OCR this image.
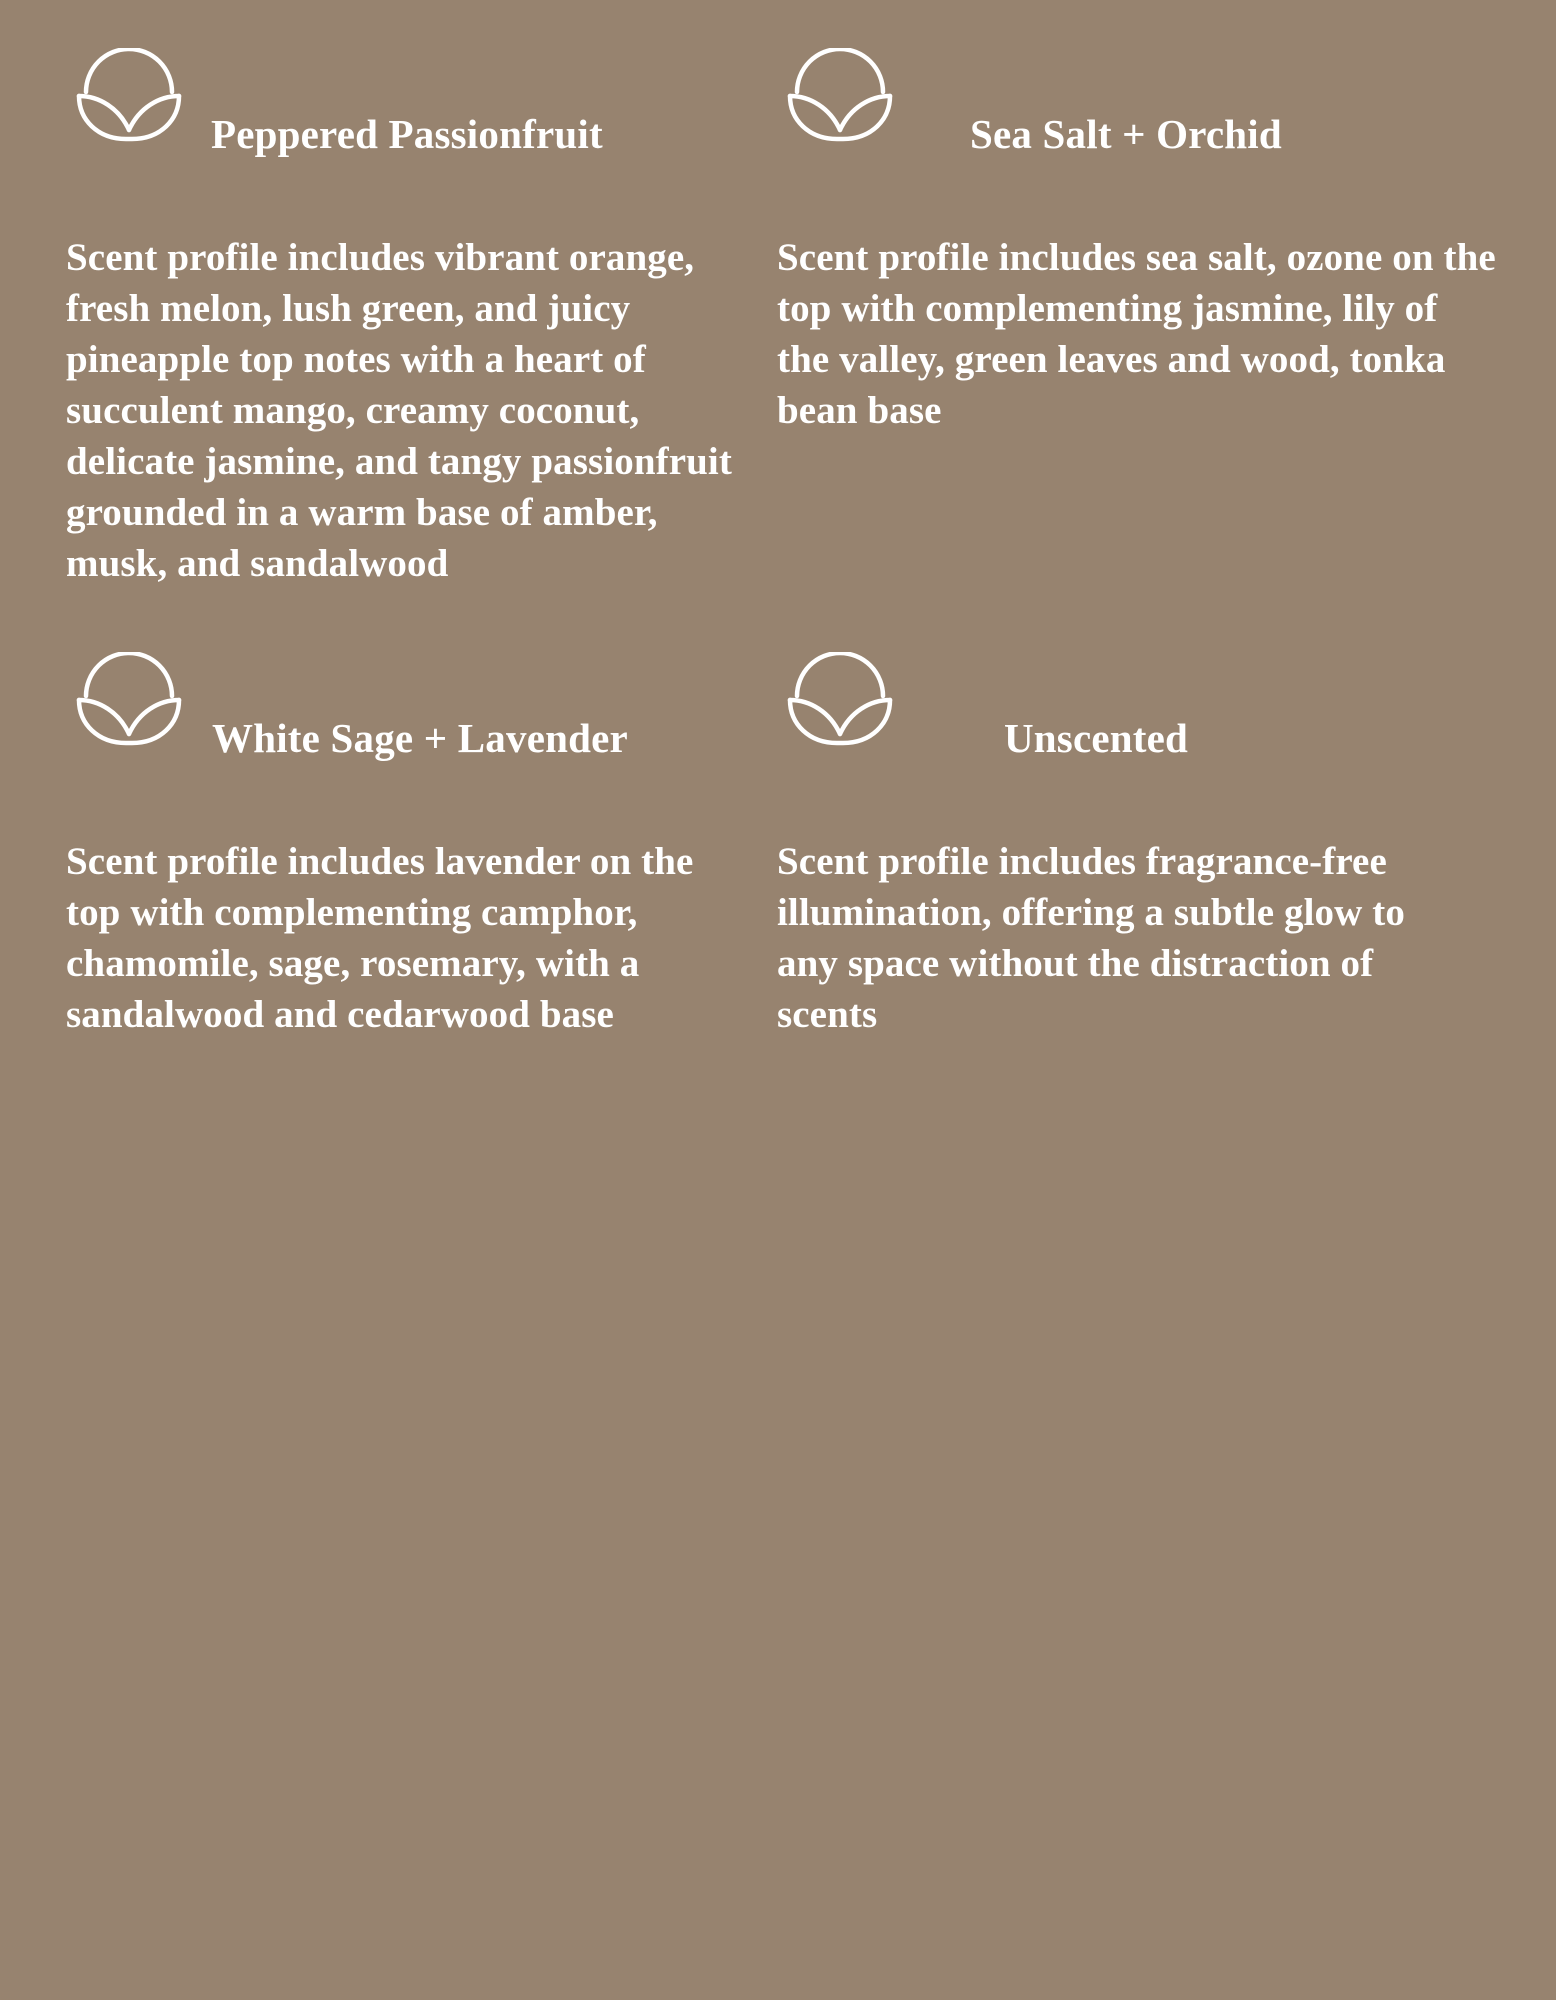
Peppered Passionfruit

Scent profile includes vibrant orange, fresh melon, lush green, and juicy pineapple top notes with a heart of succulent mango, creamy coconut, delicate jasmine, and tangy passionfruit grounded in a warm base of amber, musk, and sandalwood

Sea Salt + Orchid

Scent profile includes sea salt, ozone on the top with complementing jasmine, lily of the valley, green leaves and wood, tonka bean base

White Sage + Lavender

Scent profile includes lavender on the top with complementing camphor, chamomile, sage, rosemary, with a sandalwood and cedarwood base

Unscented

Scent profile includes fragrance-free illumination, offering a subtle glow to any space without the distraction of scents
